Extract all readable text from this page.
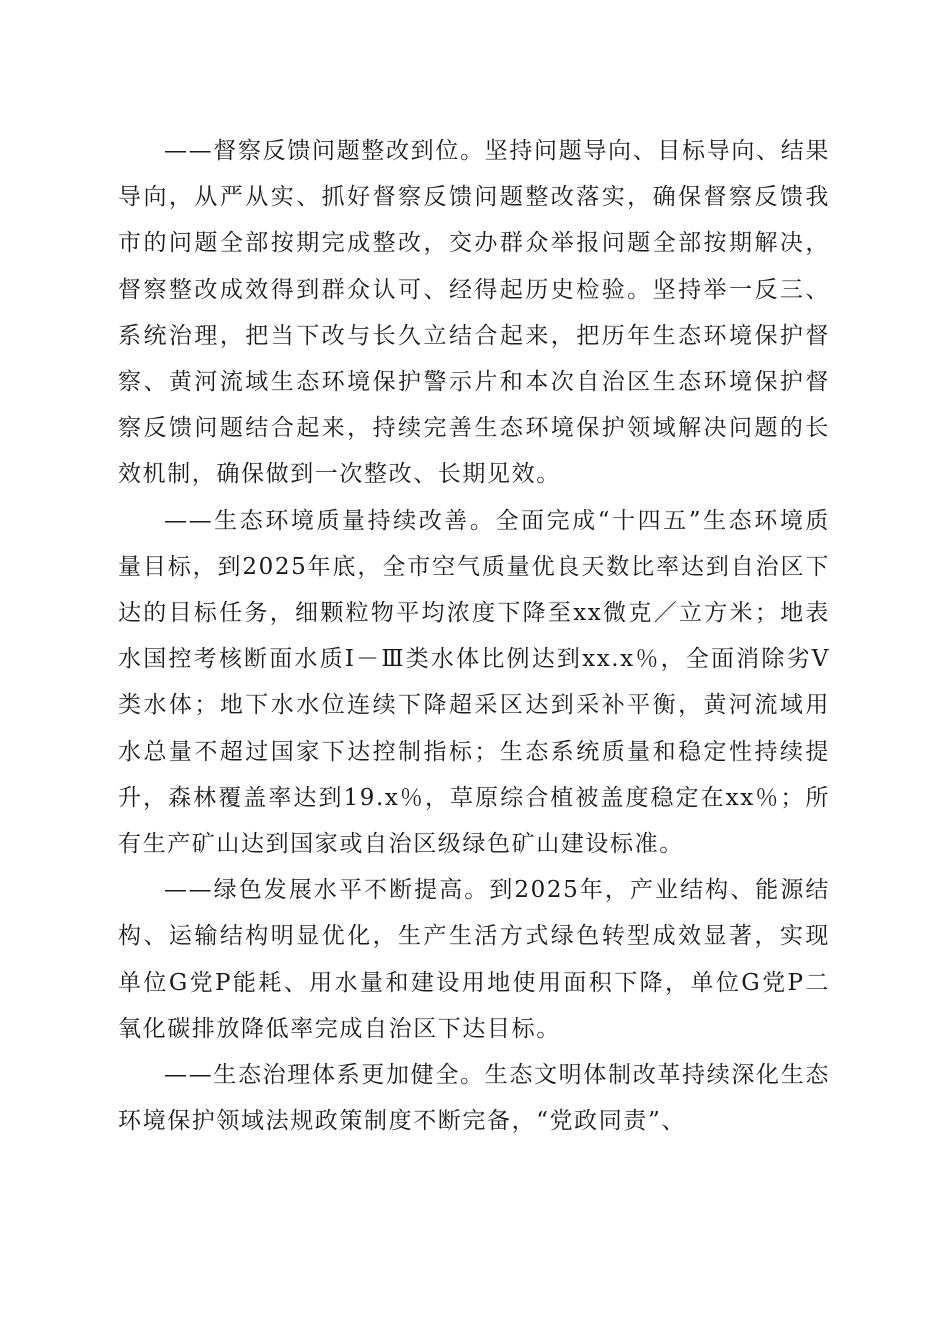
——督察反馈问题整改到位。坚持问题导向、目标导向、结果导向，从严从实、抓好督察反馈问题整改落实，确保督察反馈我市的问题全部按期完成整改，交办群众举报问题全部按期解决，督察整改成效得到群众认可、经得起历史检验。坚持举一反三、系统治理，把当下改与长久立结合起来，把历年生态环境保护督察、黄河流域生态环境保护警示片和本次自治区生态环境保护督察反馈问题结合起来，持续完善生态环境保护领域解决问题的长效机制，确保做到一次整改、长期见效。

——生态环境质量持续改善。全面完成“十四五”生态环境质量目标，到2025年底，全市空气质量优良天数比率达到自治区下达的目标任务，细颗粒物平均浓度下降至xx微克／立方米；地表水国控考核断面水质Ⅰ－Ⅲ类水体比例达到xx.x％，全面消除劣Ⅴ类水体；地下水水位连续下降超采区达到采补平衡，黄河流域用水总量不超过国家下达控制指标；生态系统质量和稳定性持续提升，森林覆盖率达到19.x％，草原综合植被盖度稳定在xx％；所有生产矿山达到国家或自治区级绿色矿山建设标准。

——绿色发展水平不断提高。到2025年，产业结构、能源结构、运输结构明显优化，生产生活方式绿色转型成效显著，实现单位G党P能耗、用水量和建设用地使用面积下降，单位G党P二氧化碳排放降低率完成自治区下达目标。

——生态治理体系更加健全。生态文明体制改革持续深化生态环境保护领域法规政策制度不断完备，“党政同责”、
